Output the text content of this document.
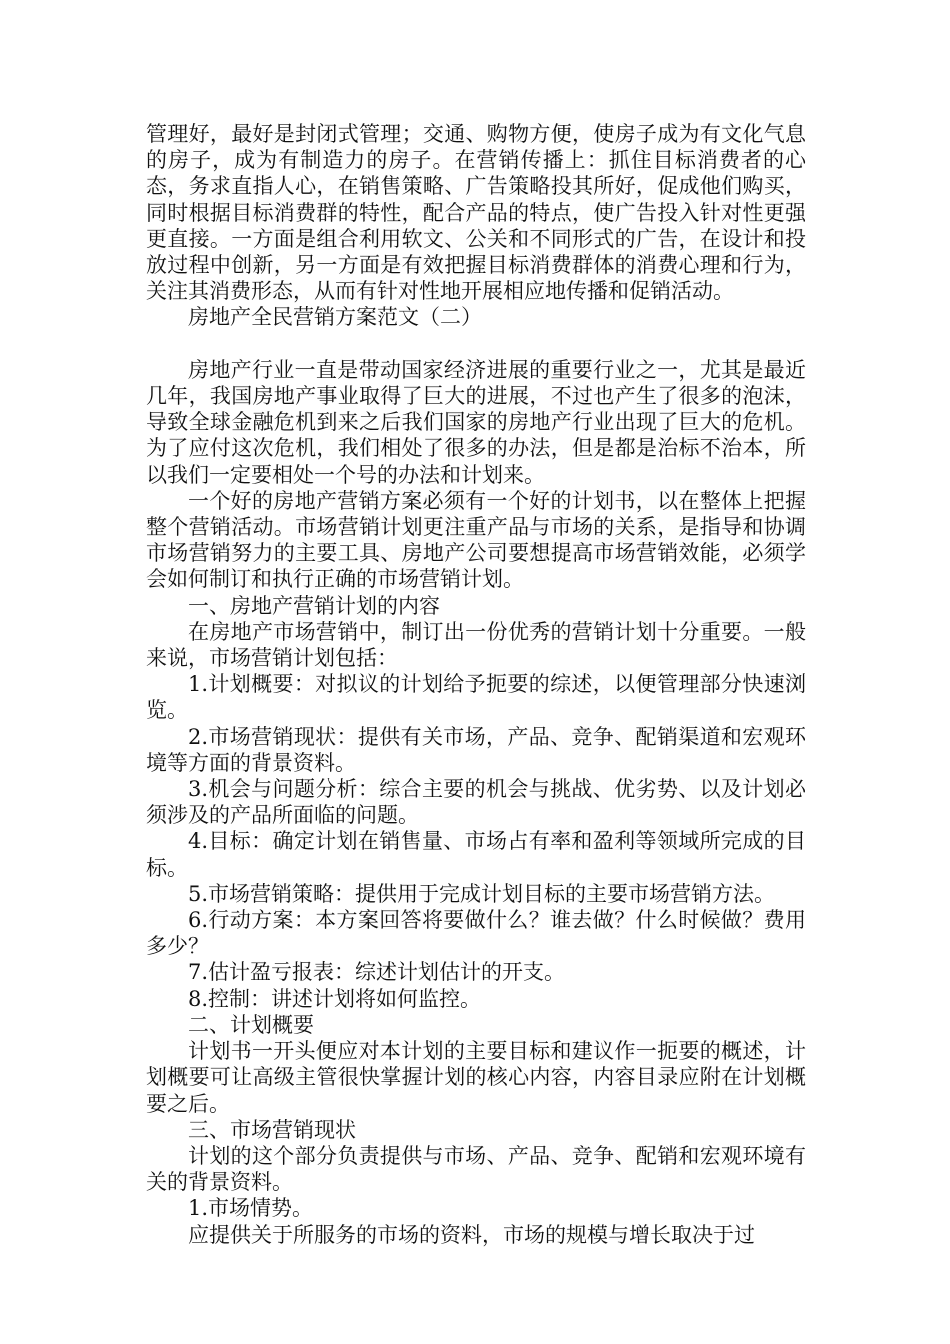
管理好，最好是封闭式管理；交通、购物方便，使房子成为有文化气息的房子，成为有制造力的房子。在营销传播上：抓住目标消费者的心态，务求直指人心，在销售策略、广告策略投其所好，促成他们购买，同时根据目标消费群的特性，配合产品的特点，使广告投入针对性更强更直接。一方面是组合利用软文、公关和不同形式的广告，在设计和投放过程中创新，另一方面是有效把握目标消费群体的消费心理和行为，关注其消费形态，从而有针对性地开展相应地传播和促销活动。

房地产全民营销方案范文（二）

房地产行业一直是带动国家经济进展的重要行业之一，尤其是最近几年，我国房地产事业取得了巨大的进展，不过也产生了很多的泡沫，导致全球金融危机到来之后我们国家的房地产行业出现了巨大的危机。为了应付这次危机，我们相处了很多的办法，但是都是治标不治本，所以我们一定要相处一个号的办法和计划来。

一个好的房地产营销方案必须有一个好的计划书，以在整体上把握整个营销活动。市场营销计划更注重产品与市场的关系，是指导和协调市场营销努力的主要工具、房地产公司要想提高市场营销效能，必须学会如何制订和执行正确的市场营销计划。

一、房地产营销计划的内容

在房地产市场营销中，制订出一份优秀的营销计划十分重要。一般来说，市场营销计划包括：

1.计划概要：对拟议的计划给予扼要的综述，以便管理部分快速浏览。

2.市场营销现状：提供有关市场，产品、竞争、配销渠道和宏观环境等方面的背景资料。

3.机会与问题分析：综合主要的机会与挑战、优劣势、以及计划必须涉及的产品所面临的问题。

4.目标：确定计划在销售量、市场占有率和盈利等领域所完成的目标。

5.市场营销策略：提供用于完成计划目标的主要市场营销方法。

6.行动方案：本方案回答将要做什么？谁去做？什么时候做？费用多少？

7.估计盈亏报表：综述计划估计的开支。

8.控制：讲述计划将如何监控。

二、计划概要

计划书一开头便应对本计划的主要目标和建议作一扼要的概述，计划概要可让高级主管很快掌握计划的核心内容，内容目录应附在计划概要之后。

三、市场营销现状

计划的这个部分负责提供与市场、产品、竞争、配销和宏观环境有关的背景资料。

1.市场情势。

应提供关于所服务的市场的资料，市场的规模与增长取决于过
